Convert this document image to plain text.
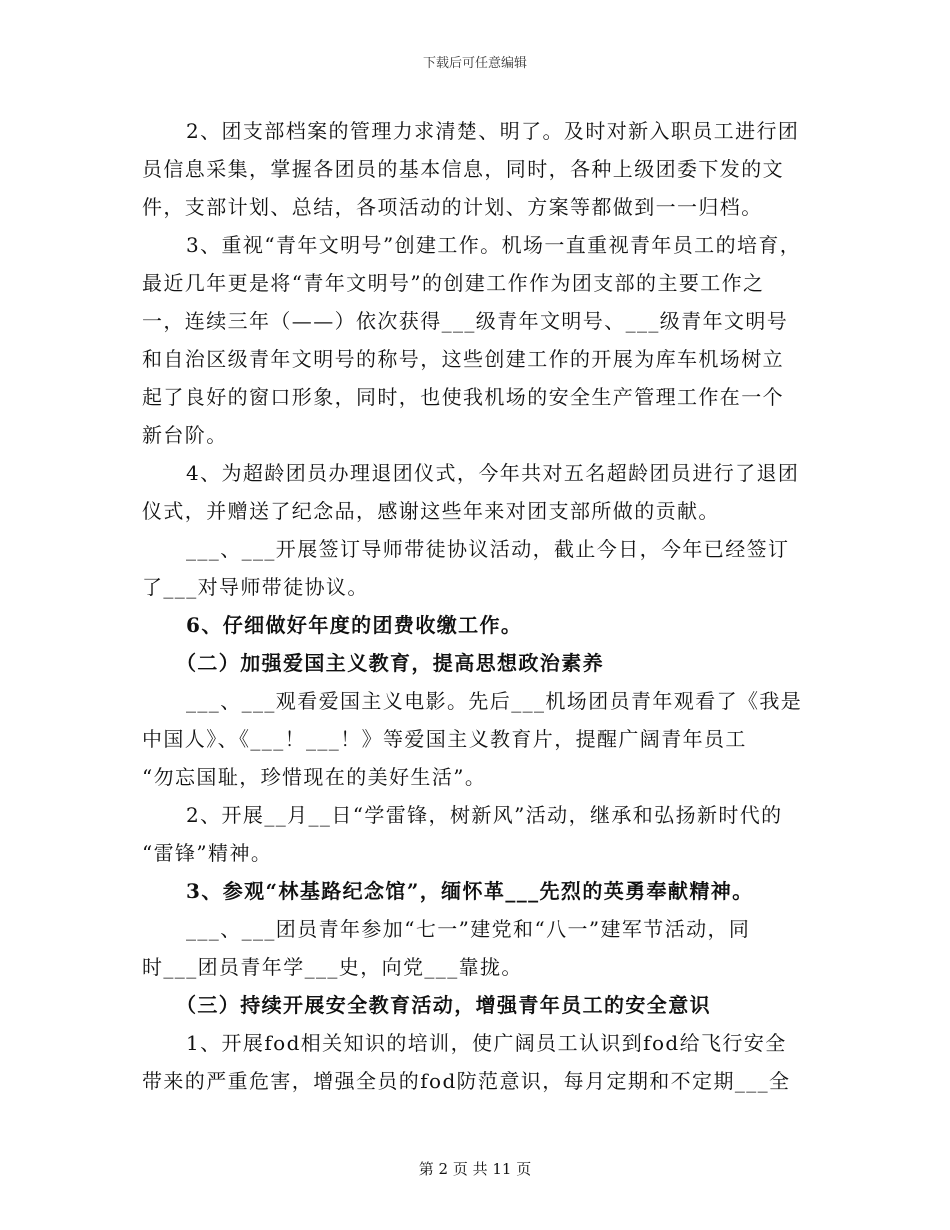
下载后可任意编辑
2、团支部档案的管理力求清楚、明了。及时对新入职员工进行团
员信息采集，掌握各团员的基本信息，同时，各种上级团委下发的文
件，支部计划、总结，各项活动的计划、方案等都做到一一归档。
3、重视“青年文明号”创建工作。机场一直重视青年员工的培育，
最近几年更是将“青年文明号”的创建工作作为团支部的主要工作之
一，连续三年（——）依次获得___级青年文明号、___级青年文明号
和自治区级青年文明号的称号，这些创建工作的开展为库车机场树立
起了良好的窗口形象，同时，也使我机场的安全生产管理工作在一个
新台阶。
4、为超龄团员办理退团仪式，今年共对五名超龄团员进行了退团
仪式，并赠送了纪念品，感谢这些年来对团支部所做的贡献。
___、___开展签订导师带徒协议活动，截止今日，今年已经签订
了___对导师带徒协议。
6、仔细做好年度的团费收缴工作。
（二）加强爱国主义教育，提高思想政治素养
___、___观看爱国主义电影。先后___机场团员青年观看了《我是
中国人》、《___！___！》等爱国主义教育片，提醒广阔青年员工
“勿忘国耻，珍惜现在的美好生活”。
2、开展__月__日“学雷锋，树新风”活动，继承和弘扬新时代的
“雷锋”精神。
3、参观“林基路纪念馆”，缅怀革___先烈的英勇奉献精神。
___、___团员青年参加“七一”建党和“八一”建军节活动，同
时___团员青年学___史，向党___靠拢。
（三）持续开展安全教育活动，增强青年员工的安全意识
1、开展fod相关知识的培训，使广阔员工认识到fod给飞行安全
带来的严重危害，增强全员的fod防范意识，每月定期和不定期___全
第 2 页 共 11 页
